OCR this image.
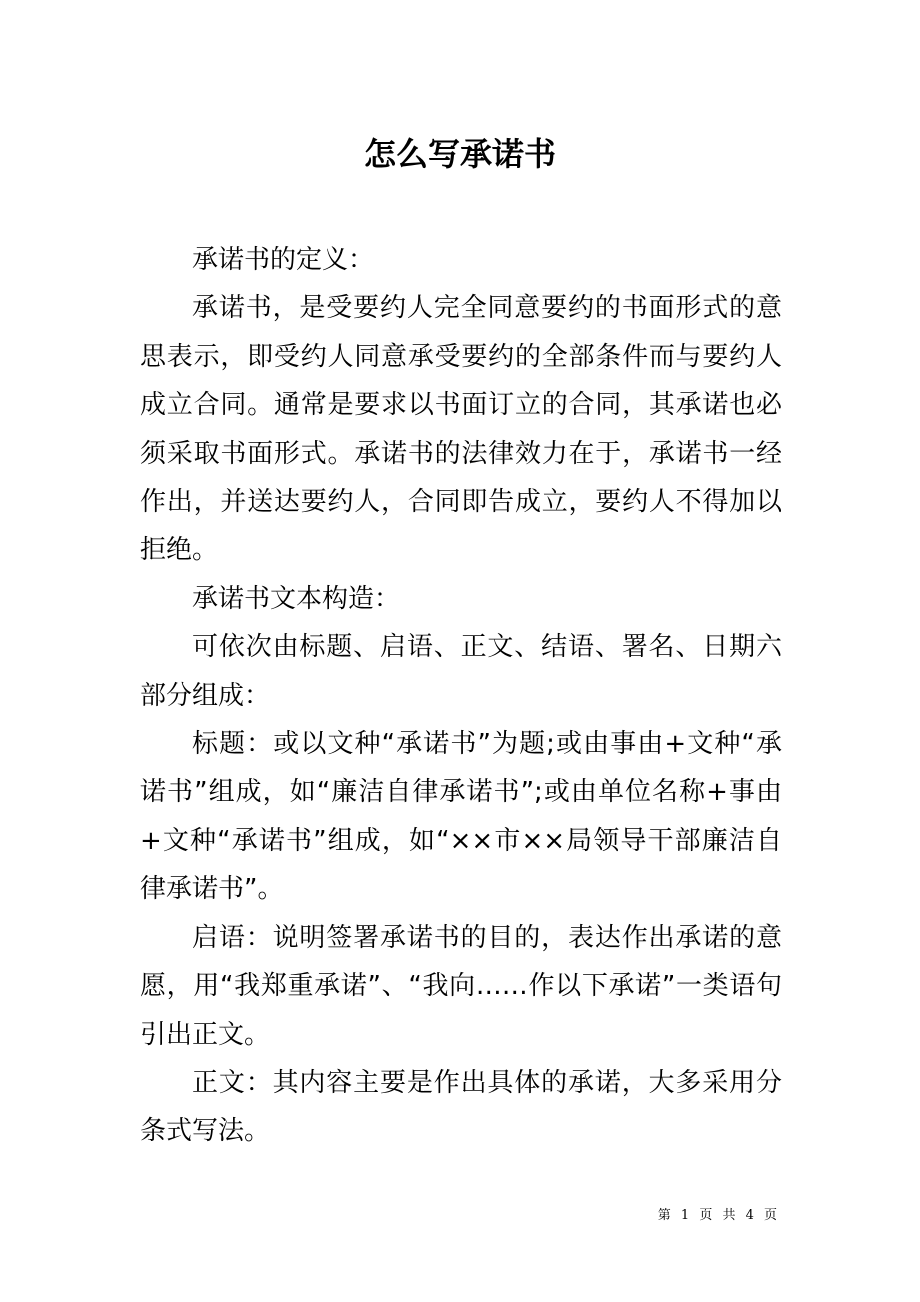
怎么写承诺书

承诺书的定义：

承诺书，是受要约人完全同意要约的书面形式的意思表示，即受约人同意承受要约的全部条件而与要约人成立合同。通常是要求以书面订立的合同，其承诺也必须采取书面形式。承诺书的法律效力在于，承诺书一经作出，并送达要约人，合同即告成立，要约人不得加以拒绝。

承诺书文本构造：

可依次由标题、启语、正文、结语、署名、日期六部分组成：

标题：或以文种“承诺书”为题;或由事由+文种“承诺书”组成，如“廉洁自律承诺书”;或由单位名称+事由+文种“承诺书”组成，如“××市××局领导干部廉洁自律承诺书”。

启语：说明签署承诺书的目的，表达作出承诺的意愿，用“我郑重承诺”、“我向……作以下承诺”一类语句引出正文。

正文：其内容主要是作出具体的承诺，大多采用分条式写法。

第 1 页 共 4 页
